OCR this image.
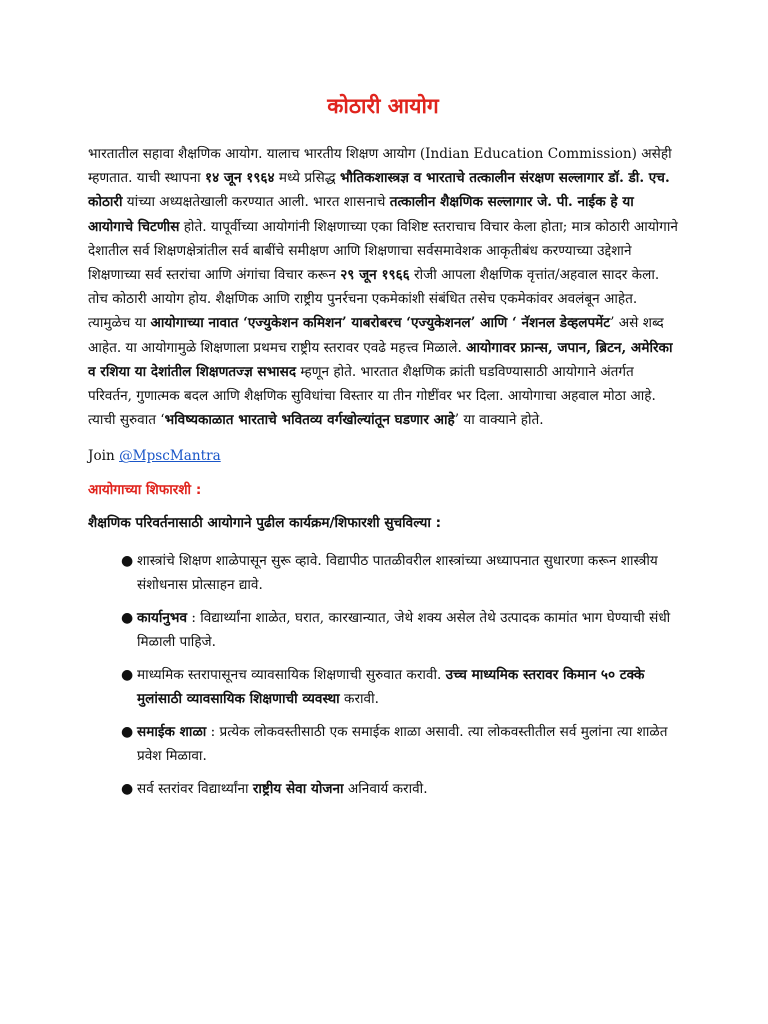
कोठारी आयोग

भारतातील सहावा शैक्षणिक आयोग. यालाच भारतीय शिक्षण आयोग (Indian Education Commission) असेही म्हणतात. याची स्थापना १४ जून १९६४ मध्ये प्रसिद्ध भौतिकशास्त्रज्ञ व भारताचे तत्कालीन संरक्षण सल्लागार डॉ. डी. एच. कोठारी यांच्या अध्यक्षतेखाली करण्यात आली. भारत शासनाचे तत्कालीन शैक्षणिक सल्लागार जे. पी. नाईक हे या आयोगाचे चिटणीस होते. यापूर्वीच्या आयोगांनी शिक्षणाच्या एका विशिष्ट स्तराचाच विचार केला होता; मात्र कोठारी आयोगाने देशातील सर्व शिक्षणक्षेत्रांतील सर्व बाबींचे समीक्षण आणि शिक्षणाचा सर्वसमावेशक आकृतीबंध करण्याच्या उद्देशाने शिक्षणाच्या सर्व स्तरांचा आणि अंगांचा विचार करून २९ जून १९६६ रोजी आपला शैक्षणिक वृत्तांत/अहवाल सादर केला. तोच कोठारी आयोग होय. शैक्षणिक आणि राष्ट्रीय पुनर्रचना एकमेकांशी संबंधित तसेच एकमेकांवर अवलंबून आहेत. त्यामुळेच या आयोगाच्या नावात ‘एज्युकेशन कमिशन’ याबरोबरच ‘एज्युकेशनल’ आणि ‘ नॅशनल डेव्हलपमेंट’ असे शब्द आहेत. या आयोगामुळे शिक्षणाला प्रथमच राष्ट्रीय स्तरावर एवढे महत्त्व मिळाले. आयोगावर फ्रान्स, जपान, ब्रिटन, अमेरिका व रशिया या देशांतील शिक्षणतज्ज्ञ सभासद म्हणून होते. भारतात शैक्षणिक क्रांती घडविण्यासाठी आयोगाने अंतर्गत परिवर्तन, गुणात्मक बदल आणि शैक्षणिक सुविधांचा विस्तार या तीन गोष्टींवर भर दिला. आयोगाचा अहवाल मोठा आहे. त्याची सुरुवात ‘भविष्यकाळात भारताचे भवितव्य वर्गखोल्यांतून घडणार आहे’ या वाक्याने होते.

Join @MpscMantra

आयोगाच्या शिफारशी :

शैक्षणिक परिवर्तनासाठी आयोगाने पुढील कार्यक्रम/शिफारशी सुचविल्या :

● शास्त्रांचे शिक्षण शाळेपासून सुरू व्हावे. विद्यापीठ पातळीवरील शास्त्रांच्या अध्यापनात सुधारणा करून शास्त्रीय संशोधनास प्रोत्साहन द्यावे.
● कार्यानुभव : विद्यार्थ्यांना शाळेत, घरात, कारखान्यात, जेथे शक्य असेल तेथे उत्पादक कामांत भाग घेण्याची संधी मिळाली पाहिजे.
● माध्यमिक स्तरापासूनच व्यावसायिक शिक्षणाची सुरुवात करावी. उच्च माध्यमिक स्तरावर किमान ५० टक्के मुलांसाठी व्यावसायिक शिक्षणाची व्यवस्था करावी.
● समाईक शाळा : प्रत्येक लोकवस्तीसाठी एक समाईक शाळा असावी. त्या लोकवस्तीतील सर्व मुलांना त्या शाळेत प्रवेश मिळावा.
● सर्व स्तरांवर विद्यार्थ्यांना राष्ट्रीय सेवा योजना अनिवार्य करावी.
